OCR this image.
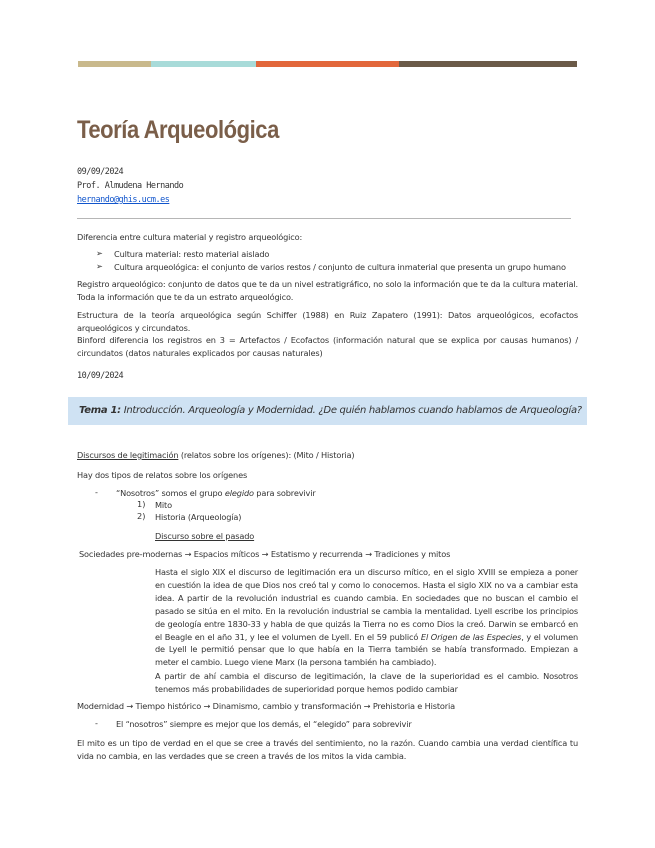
Teoría Arqueológica
09/09/2024
Prof. Almudena Hernando
hernando@ghis.ucm.es
Diferencia entre cultura material y registro arqueológico:
➢ Cultura material: resto material aislado
➢ Cultura arqueológica: el conjunto de varios restos / conjunto de cultura inmaterial que presenta un grupo humano
Registro arqueológico: conjunto de datos que te da un nivel estratigráfico, no solo la información que te da la cultura material. Toda la información que te da un estrato arqueológico.
Estructura de la teoría arqueológica según Schiffer (1988) en Ruiz Zapatero (1991): Datos arqueológicos, ecofactos arqueológicos y circundatos.
Binford diferencia los registros en 3 = Artefactos / Ecofactos (información natural que se explica por causas humanos) / circundatos (datos naturales explicados por causas naturales)
10/09/2024
Tema 1: Introducción. Arqueología y Modernidad. ¿De quién hablamos cuando hablamos de Arqueología?
Discursos de legitimación (relatos sobre los orígenes): (Mito / Historia)
Hay dos tipos de relatos sobre los orígenes
- “Nosotros” somos el grupo elegido para sobrevivir
1) Mito
2) Historia (Arqueología)
Discurso sobre el pasado
Sociedades pre-modernas → Espacios míticos → Estatismo y recurrenda → Tradiciones y mitos
Hasta el siglo XIX el discurso de legitimación era un discurso mítico, en el siglo XVIII se empieza a poner en cuestión la idea de que Dios nos creó tal y como lo conocemos. Hasta el siglo XIX no va a cambiar esta idea. A partir de la revolución industrial es cuando cambia. En sociedades que no buscan el cambio el pasado se sitúa en el mito. En la revolución industrial se cambia la mentalidad. Lyell escribe los principios de geología entre 1830-33 y habla de que quizás la Tierra no es como Dios la creó. Darwin se embarcó en el Beagle en el año 31, y lee el volumen de Lyell. En el 59 publicó El Origen de las Especies, y el volumen de Lyell le permitió pensar que lo que había en la Tierra también se había transformado. Empiezan a meter el cambio. Luego viene Marx (la persona también ha cambiado).
A partir de ahí cambia el discurso de legitimación, la clave de la superioridad es el cambio. Nosotros tenemos más probabilidades de superioridad porque hemos podido cambiar
Modernidad → Tiempo histórico → Dinamismo, cambio y transformación → Prehistoria e Historia
- El “nosotros” siempre es mejor que los demás, el “elegido” para sobrevivir
El mito es un tipo de verdad en el que se cree a través del sentimiento, no la razón. Cuando cambia una verdad científica tu vida no cambia, en las verdades que se creen a través de los mitos la vida cambia.
